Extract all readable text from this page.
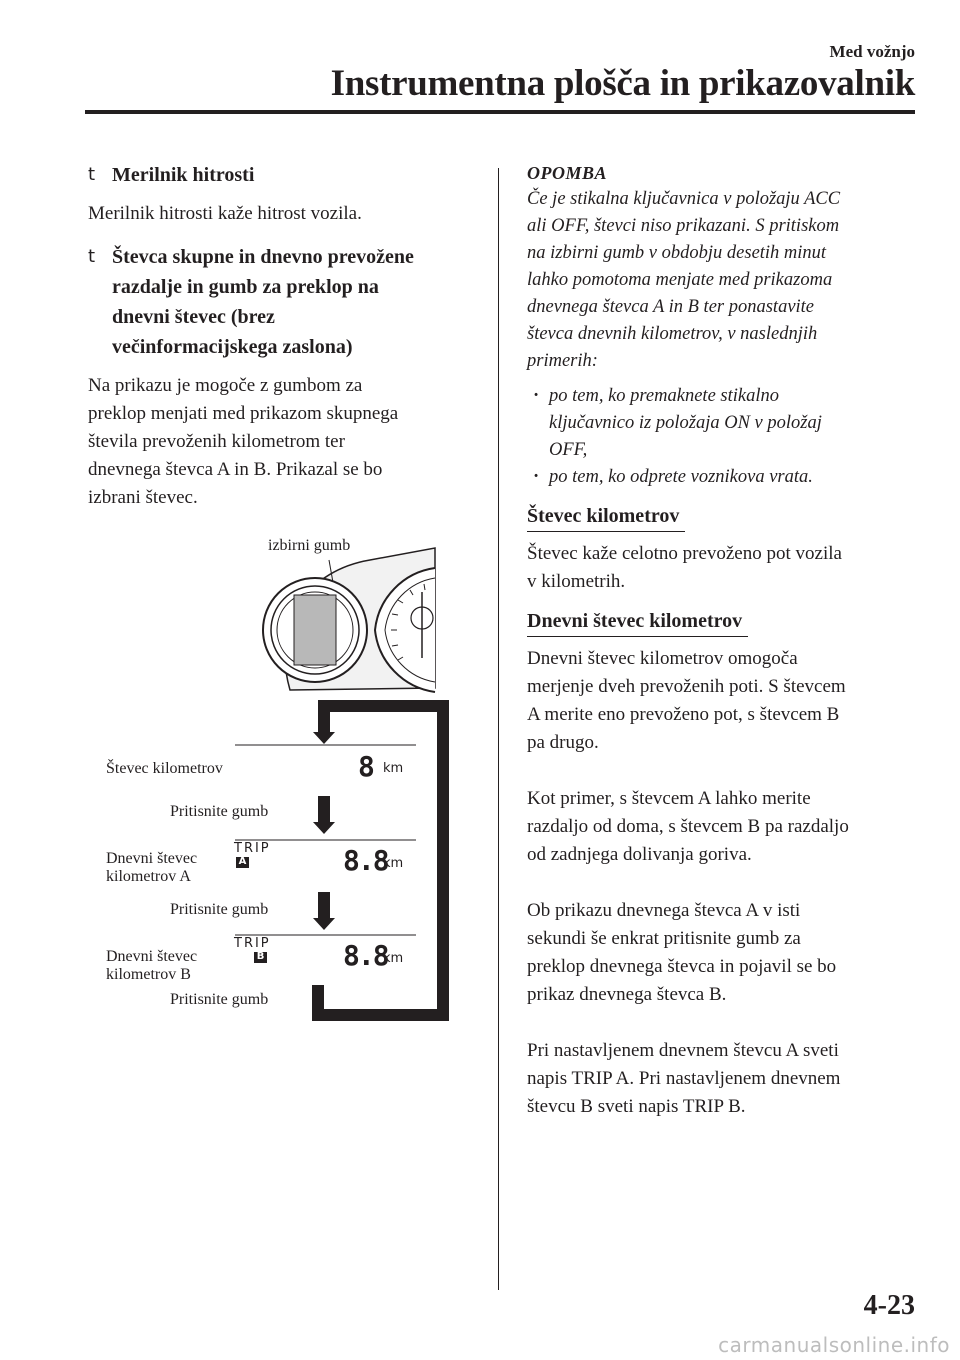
Med vožnjo
Instrumentna plošča in prikazovalnik
t Merilnik hitrosti

Merilnik hitrosti kaže hitrost vozila.

t Števca skupne in dnevno prevožene
razdalje in gumb za preklop na
dnevni števec (brez
večinformacijskega zaslona)

Na prikazu je mogoče z gumbom za

preklop menjati med prikazom skupnega

števila prevoženih kilometrom ter

dnevnega števca A in B. Prikazal se bo

izbrani števec.

izbirni gumb
Števec kilometrov	8 km
Pritisnite gumb
TRIP
A
Dnevni števec
kilometrov A	8.8
km
Pritisnite gumb
TRIP
B
Dnevni števec
kilometrov B
8.8
km
Pritisnite gumb
OPOMBA
Če je stikalna ključavnica v položaju ACC
ali OFF, števci niso prikazani. S pritiskom
na izbirni gumb v obdobju desetih minut
lahko pomotoma menjate med prikazoma
dnevnega števca A in B ter ponastavite
števca dnevnih kilometrov, v naslednjih
primerih:
· po tem, ko premaknete stikalno
ključavnico iz položaja ON v položaj
OFF,
· po tem, ko odprete voznikova vrata.
Števec kilometrov

Števec kaže celotno prevoženo pot vozila

v kilometrih.

Dnevni števec kilometrov

Dnevni števec kilometrov omogoča

merjenje dveh prevoženih poti. S števcem

A merite eno prevoženo pot, s števcem B

pa drugo.

Kot primer, s števcem A lahko merite

razdaljo od doma, s števcem B pa razdaljo

od zadnjega dolivanja goriva.

Ob prikazu dnevnega števca A v isti

sekundi še enkrat pritisnite gumb za

preklop dnevnega števca in pojavil se bo

prikaz dnevnega števca B.

Pri nastavljenem dnevnem števcu A sveti

napis TRIP A. Pri nastavljenem dnevnem

števcu B sveti napis TRIP B.

4-23
carmanualsonline.info
